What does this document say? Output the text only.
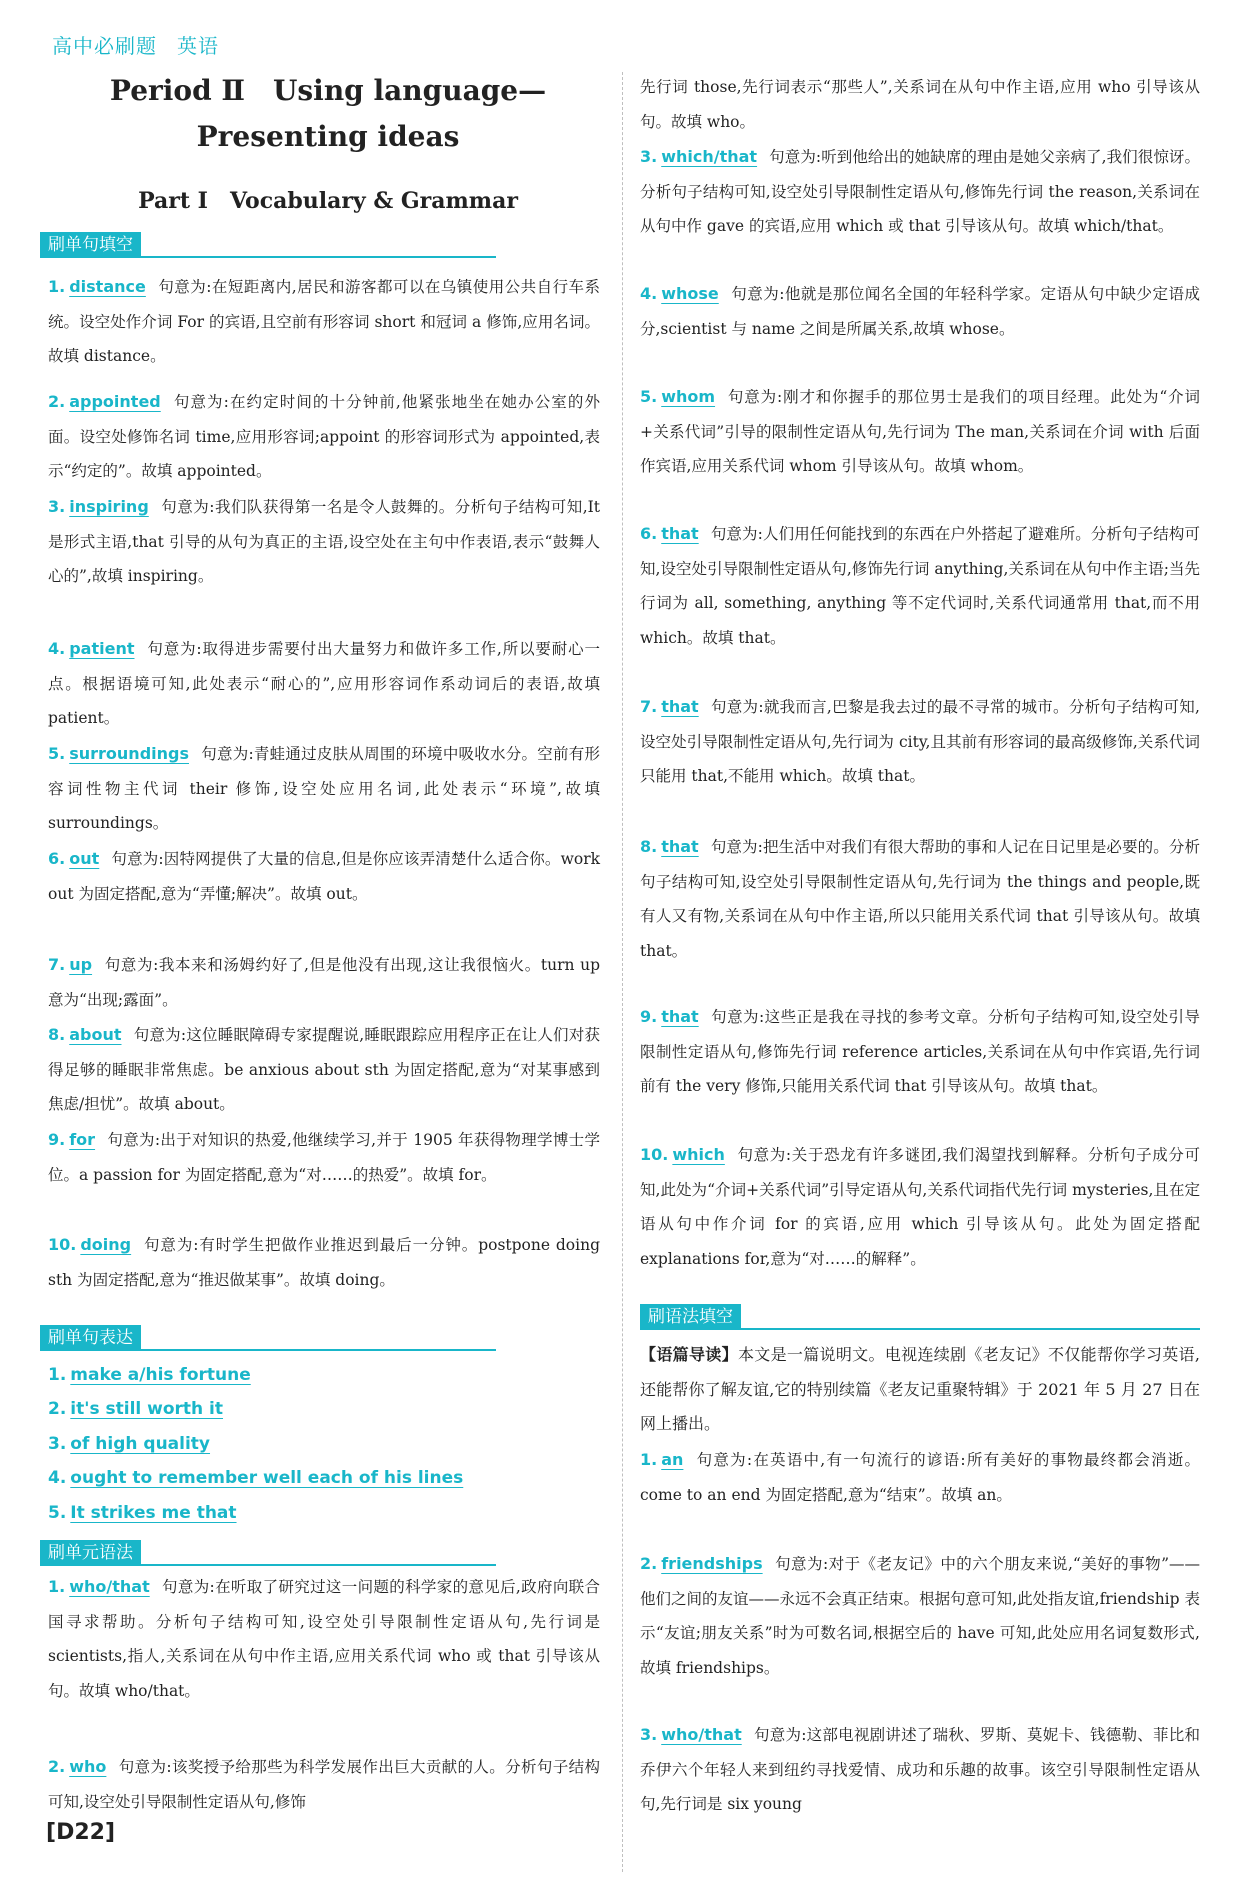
高中必刷题 英语
Period Ⅱ　Using language—
Presenting ideas
Part Ⅰ　Vocabulary & Grammar
刷单句填空
1. distance 句意为:在短距离内,居民和游客都可以在乌镇使用公共自行车系统。设空处作介词 For 的宾语,且空前有形容词 short 和冠词 a 修饰,应用名词。故填 distance。
2. appointed 句意为:在约定时间的十分钟前,他紧张地坐在她办公室的外面。设空处修饰名词 time,应用形容词;appoint 的形容词形式为 appointed,表示“约定的”。故填 appointed。
3. inspiring 句意为:我们队获得第一名是令人鼓舞的。分析句子结构可知,It 是形式主语,that 引导的从句为真正的主语,设空处在主句中作表语,表示“鼓舞人心的”,故填 inspiring。
4. patient 句意为:取得进步需要付出大量努力和做许多工作,所以要耐心一点。根据语境可知,此处表示“耐心的”,应用形容词作系动词后的表语,故填 patient。
5. surroundings 句意为:青蛙通过皮肤从周围的环境中吸收水分。空前有形容词性物主代词 their 修饰,设空处应用名词,此处表示“环境”,故填 surroundings。
6. out 句意为:因特网提供了大量的信息,但是你应该弄清楚什么适合你。work out 为固定搭配,意为“弄懂;解决”。故填 out。
7. up 句意为:我本来和汤姆约好了,但是他没有出现,这让我很恼火。turn up 意为“出现;露面”。
8. about 句意为:这位睡眠障碍专家提醒说,睡眠跟踪应用程序正在让人们对获得足够的睡眠非常焦虑。be anxious about sth 为固定搭配,意为“对某事感到焦虑/担忧”。故填 about。
9. for 句意为:出于对知识的热爱,他继续学习,并于 1905 年获得物理学博士学位。a passion for 为固定搭配,意为“对……的热爱”。故填 for。
10. doing 句意为:有时学生把做作业推迟到最后一分钟。postpone doing sth 为固定搭配,意为“推迟做某事”。故填 doing。
刷单句表达
1. make a/his fortune
2. it's still worth it
3. of high quality
4. ought to remember well each of his lines
5. It strikes me that
刷单元语法
1. who/that 句意为:在听取了研究过这一问题的科学家的意见后,政府向联合国寻求帮助。分析句子结构可知,设空处引导限制性定语从句,先行词是 scientists,指人,关系词在从句中作主语,应用关系代词 who 或 that 引导该从句。故填 who/that。
2. who 句意为:该奖授予给那些为科学发展作出巨大贡献的人。分析句子结构可知,设空处引导限制性定语从句,修饰
先行词 those,先行词表示“那些人”,关系词在从句中作主语,应用 who 引导该从句。故填 who。
3. which/that 句意为:听到他给出的她缺席的理由是她父亲病了,我们很惊讶。分析句子结构可知,设空处引导限制性定语从句,修饰先行词 the reason,关系词在从句中作 gave 的宾语,应用 which 或 that 引导该从句。故填 which/that。
4. whose 句意为:他就是那位闻名全国的年轻科学家。定语从句中缺少定语成分,scientist 与 name 之间是所属关系,故填 whose。
5. whom 句意为:刚才和你握手的那位男士是我们的项目经理。此处为“介词+关系代词”引导的限制性定语从句,先行词为 The man,关系词在介词 with 后面作宾语,应用关系代词 whom 引导该从句。故填 whom。
6. that 句意为:人们用任何能找到的东西在户外搭起了避难所。分析句子结构可知,设空处引导限制性定语从句,修饰先行词 anything,关系词在从句中作主语;当先行词为 all, something, anything 等不定代词时,关系代词通常用 that,而不用 which。故填 that。
7. that 句意为:就我而言,巴黎是我去过的最不寻常的城市。分析句子结构可知,设空处引导限制性定语从句,先行词为 city,且其前有形容词的最高级修饰,关系代词只能用 that,不能用 which。故填 that。
8. that 句意为:把生活中对我们有很大帮助的事和人记在日记里是必要的。分析句子结构可知,设空处引导限制性定语从句,先行词为 the things and people,既有人又有物,关系词在从句中作主语,所以只能用关系代词 that 引导该从句。故填 that。
9. that 句意为:这些正是我在寻找的参考文章。分析句子结构可知,设空处引导限制性定语从句,修饰先行词 reference articles,关系词在从句中作宾语,先行词前有 the very 修饰,只能用关系代词 that 引导该从句。故填 that。
10. which 句意为:关于恐龙有许多谜团,我们渴望找到解释。分析句子成分可知,此处为“介词+关系代词”引导定语从句,关系代词指代先行词 mysteries,且在定语从句中作介词 for 的宾语,应用 which 引导该从句。此处为固定搭配 explanations for,意为“对……的解释”。
刷语法填空
【语篇导读】本文是一篇说明文。电视连续剧《老友记》不仅能帮你学习英语,还能帮你了解友谊,它的特别续篇《老友记重聚特辑》于 2021 年 5 月 27 日在网上播出。
1. an 句意为:在英语中,有一句流行的谚语:所有美好的事物最终都会消逝。come to an end 为固定搭配,意为“结束”。故填 an。
2. friendships 句意为:对于《老友记》中的六个朋友来说,“美好的事物”——他们之间的友谊——永远不会真正结束。根据句意可知,此处指友谊,friendship 表示“友谊;朋友关系”时为可数名词,根据空后的 have 可知,此处应用名词复数形式,故填 friendships。
3. who/that 句意为:这部电视剧讲述了瑞秋、罗斯、莫妮卡、钱德勒、菲比和乔伊六个年轻人来到纽约寻找爱情、成功和乐趣的故事。该空引导限制性定语从句,先行词是 six young
[D22]
